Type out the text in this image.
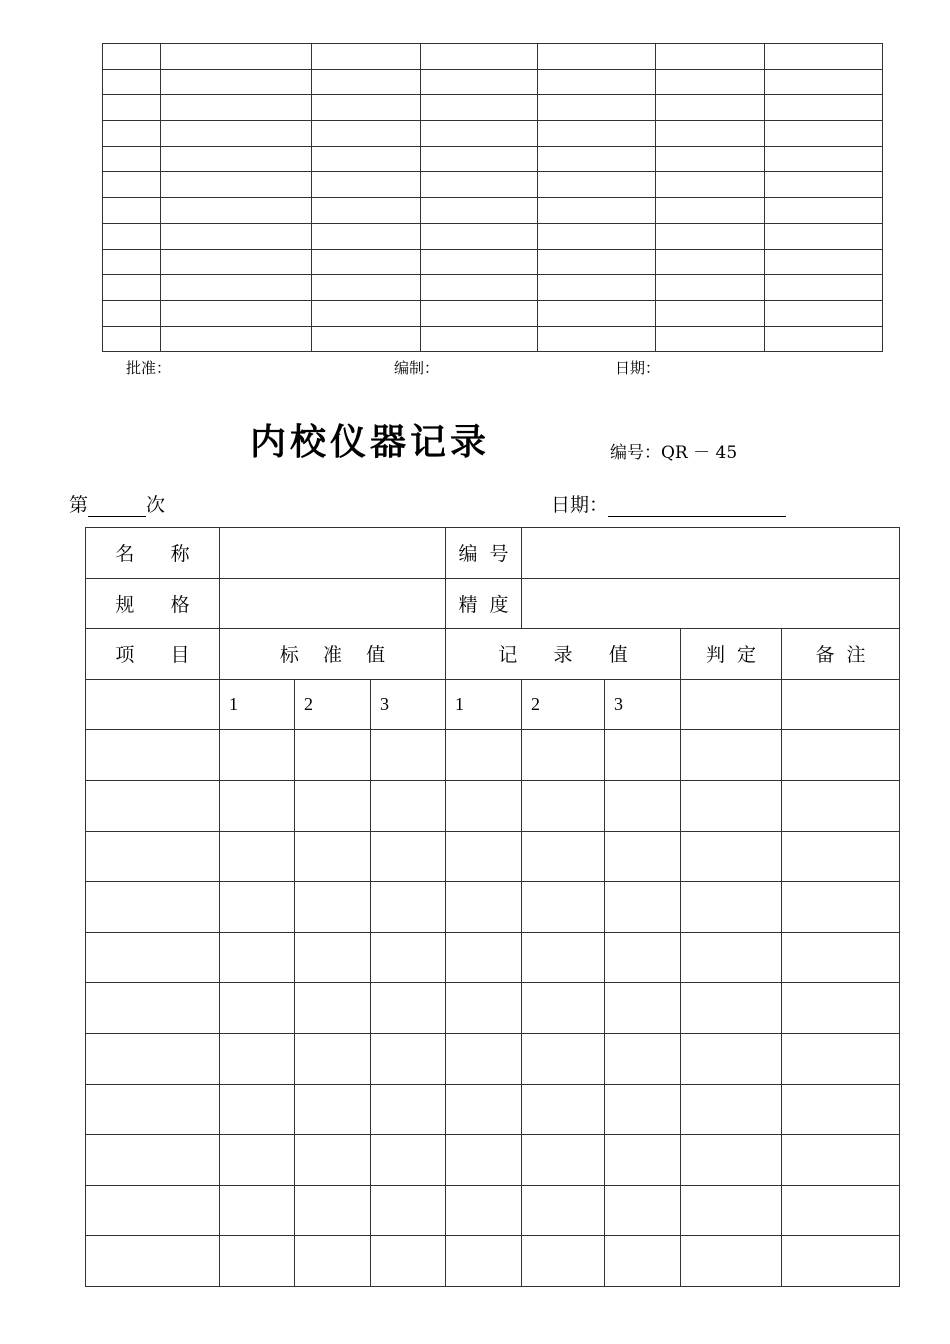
批准：	编制：	日期：
内校仪器记录	编号：QR － 45
第	次	日期：
名      称				编  号				
规      格				精  度				
项      目	标    准    值			记      录      值			判  定	备  注
	1	2	3	1	2	3		
